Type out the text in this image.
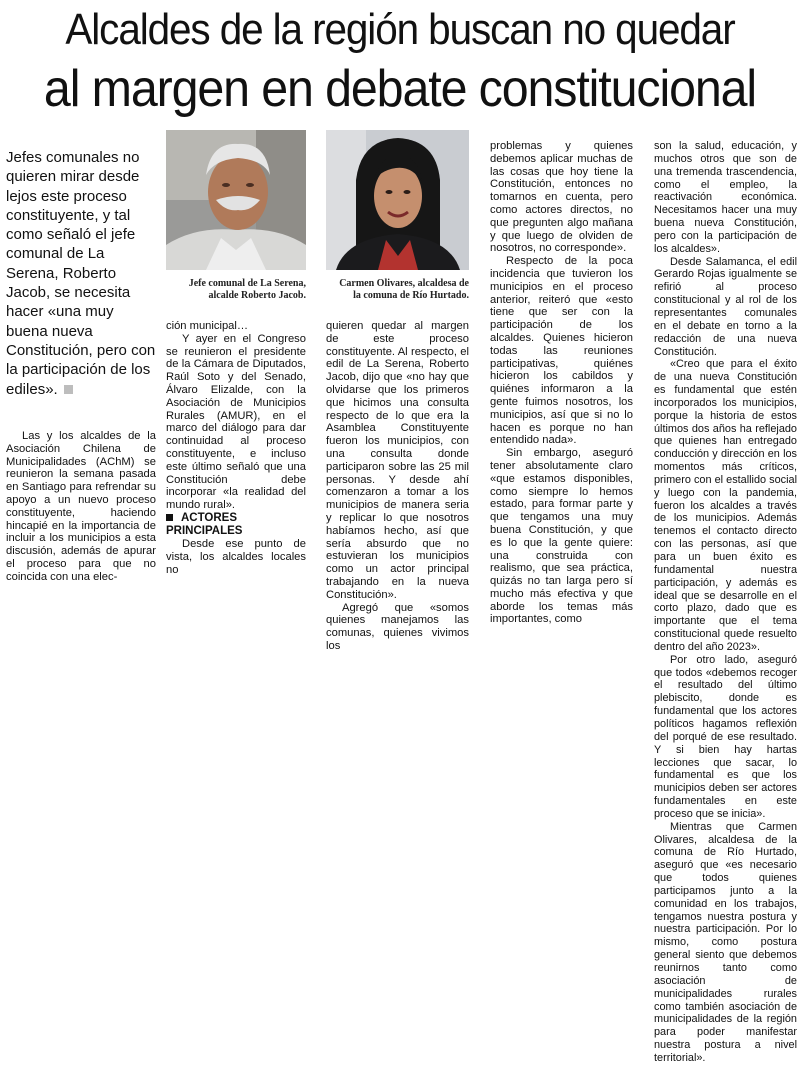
Alcaldes de la región buscan no quedar
al margen en debate constitucional
Jefes comunales no quieren mirar desde lejos este proceso constituyente, y tal como señaló el jefe comunal de La Serena, Roberto Jacob, se necesita hacer «una muy buena nueva Constitución, pero con la participación de los ediles».
Jefe comunal de La Serena,
alcalde Roberto Jacob.
Carmen Olivares, alcaldesa de
la comuna de Río Hurtado.

Las y los alcaldes de la Asociación Chilena de Municipalidades (AChM) se reunieron la semana pasada en Santiago para refrendar su apoyo a un nuevo proceso constituyente, haciendo hincapié en la importancia de incluir a los municipios a esta discusión, además de apurar el proceso para que no coincida con una elec-

ción municipal…

Y ayer en el Congreso se reunieron el presidente de la Cámara de Diputados, Raúl Soto y del Senado, Álvaro Elizalde, con la Asociación de Municipios Rurales (AMUR), en el marco del diálogo para dar continuidad al proceso constituyente, e incluso este último señaló que una Constitución debe incorporar «la realidad del mundo rural».

ACTORES PRINCIPALES

Desde ese punto de vista, los alcaldes locales no

quieren quedar al margen de este proceso constituyente. Al respecto, el edil de La Serena, Roberto Jacob, dijo que «no hay que olvidarse que los primeros que hicimos una consulta respecto de lo que era la Asamblea Constituyente fueron los municipios, con una consulta donde participaron sobre las 25 mil personas. Y desde ahí comenzaron a tomar a los municipios de manera seria y replicar lo que nosotros habíamos hecho, así que sería absurdo que no estuvieran los municipios como un actor principal trabajando en la nueva Constitución».

Agregó que «somos quienes manejamos las comunas, quienes vivimos los

problemas y quienes debemos aplicar muchas de las cosas que hoy tiene la Constitución, entonces no tomarnos en cuenta, pero como actores directos, no que pregunten algo mañana y que luego de olviden de nosotros, no corresponde».

Respecto de la poca incidencia que tuvieron los municipios en el proceso anterior, reiteró que «esto tiene que ser con la participación de los alcaldes. Quienes hicieron todas las reuniones participativas, quiénes hicieron los cabildos y quiénes informaron a la gente fuimos nosotros, los municipios, así que si no lo hacen es porque no han entendido nada».

Sin embargo, aseguró tener absolutamente claro «que estamos disponibles, como siempre lo hemos estado, para formar parte y que tengamos una muy buena Constitución, y que es lo que la gente quiere: una construida con realismo, que sea práctica, quizás no tan larga pero sí mucho más efectiva y que aborde los temas más importantes, como

son la salud, educación, y muchos otros que son de una tremenda trascendencia, como el empleo, la reactivación económica. Necesitamos hacer una muy buena nueva Constitución, pero con la participación de los alcaldes».

Desde Salamanca, el edil Gerardo Rojas igualmente se refirió al proceso constitucional y al rol de los representantes comunales en el debate en torno a la redacción de una nueva Constitución.

«Creo que para el éxito de una nueva Constitución es fundamental que estén incorporados los municipios, porque la historia de estos últimos dos años ha reflejado que quienes han entregado conducción y dirección en los momentos más críticos, primero con el estallido social y luego con la pandemia, fueron los alcaldes a través de los municipios. Además tenemos el contacto directo con las personas, así que para un buen éxito es fundamental nuestra participación, y además es ideal que se desarrolle en el corto plazo, dado que es importante que el tema constitucional quede resuelto dentro del año 2023».

Por otro lado, aseguró que todos «debemos recoger el resultado del último plebiscito, donde es fundamental que los actores políticos hagamos reflexión del porqué de ese resultado. Y si bien hay hartas lecciones que sacar, lo fundamental es que los municipios deben ser actores fundamentales en este proceso que se inicia».

Mientras que Carmen Olivares, alcaldesa de la comuna de Río Hurtado, aseguró que «es necesario que todos quienes participamos junto a la comunidad en los trabajos, tengamos nuestra postura y nuestra participación. Por lo mismo, como postura general siento que debemos reunirnos tanto como asociación de municipalidades rurales como también asociación de municipalidades de la región para poder manifestar nuestra postura a nivel territorial».
